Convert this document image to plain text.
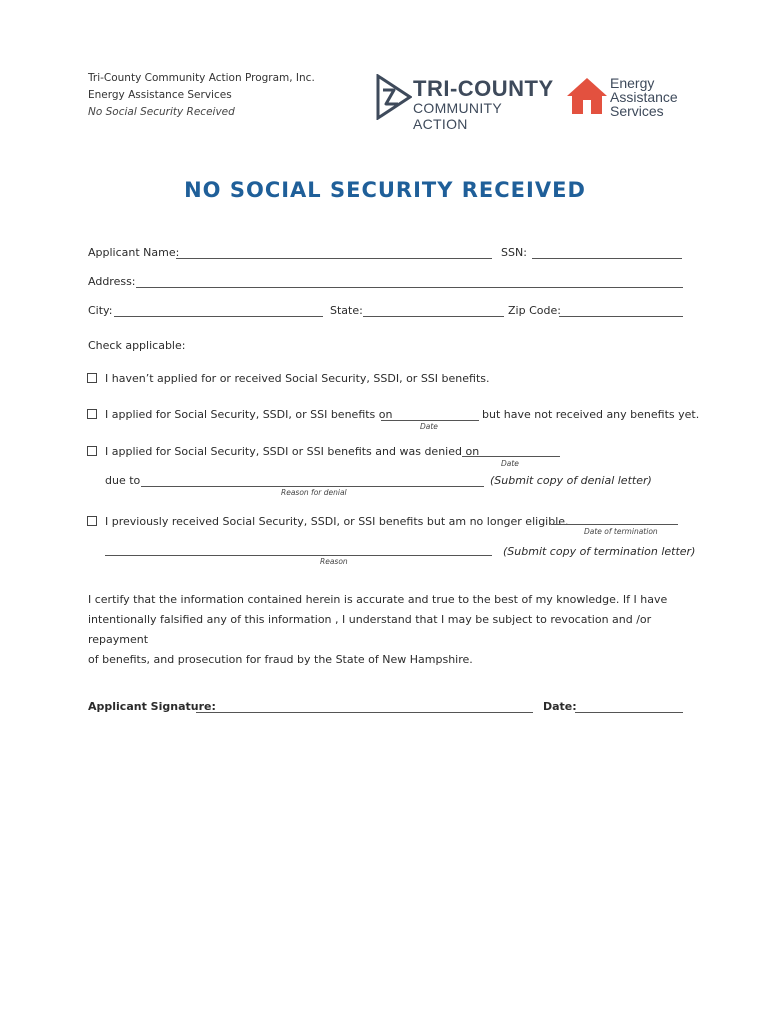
Tri-County Community Action Program, Inc.
Energy Assistance Services
No Social Security Received
TRI-COUNTY
COMMUNITY ACTION
Energy
Assistance
Services
NO SOCIAL SECURITY RECEIVED
Applicant Name:	SSN:
Address:
City:	State:	Zip Code:
Check applicable:
I haven’t applied for or received Social Security, SSDI, or SSI benefits.
I applied for Social Security, SSDI, or SSI benefits on
Date
but have not received any benefits yet.
I applied for Social Security, SSDI or SSI benefits and was denied on
Date
due to
Reason for denial
(Submit copy of denial letter)
I previously received Social Security, SSDI, or SSI benefits but am no longer eligible.
Date of termination
Reason
(Submit copy of termination letter)
I certify that the information contained herein is accurate and true to the best of my knowledge. If I have
intentionally falsified any of this information , I understand that I may be subject to revocation and /or repayment
of benefits, and prosecution for fraud by the State of New Hampshire.
Applicant Signature:	Date:
